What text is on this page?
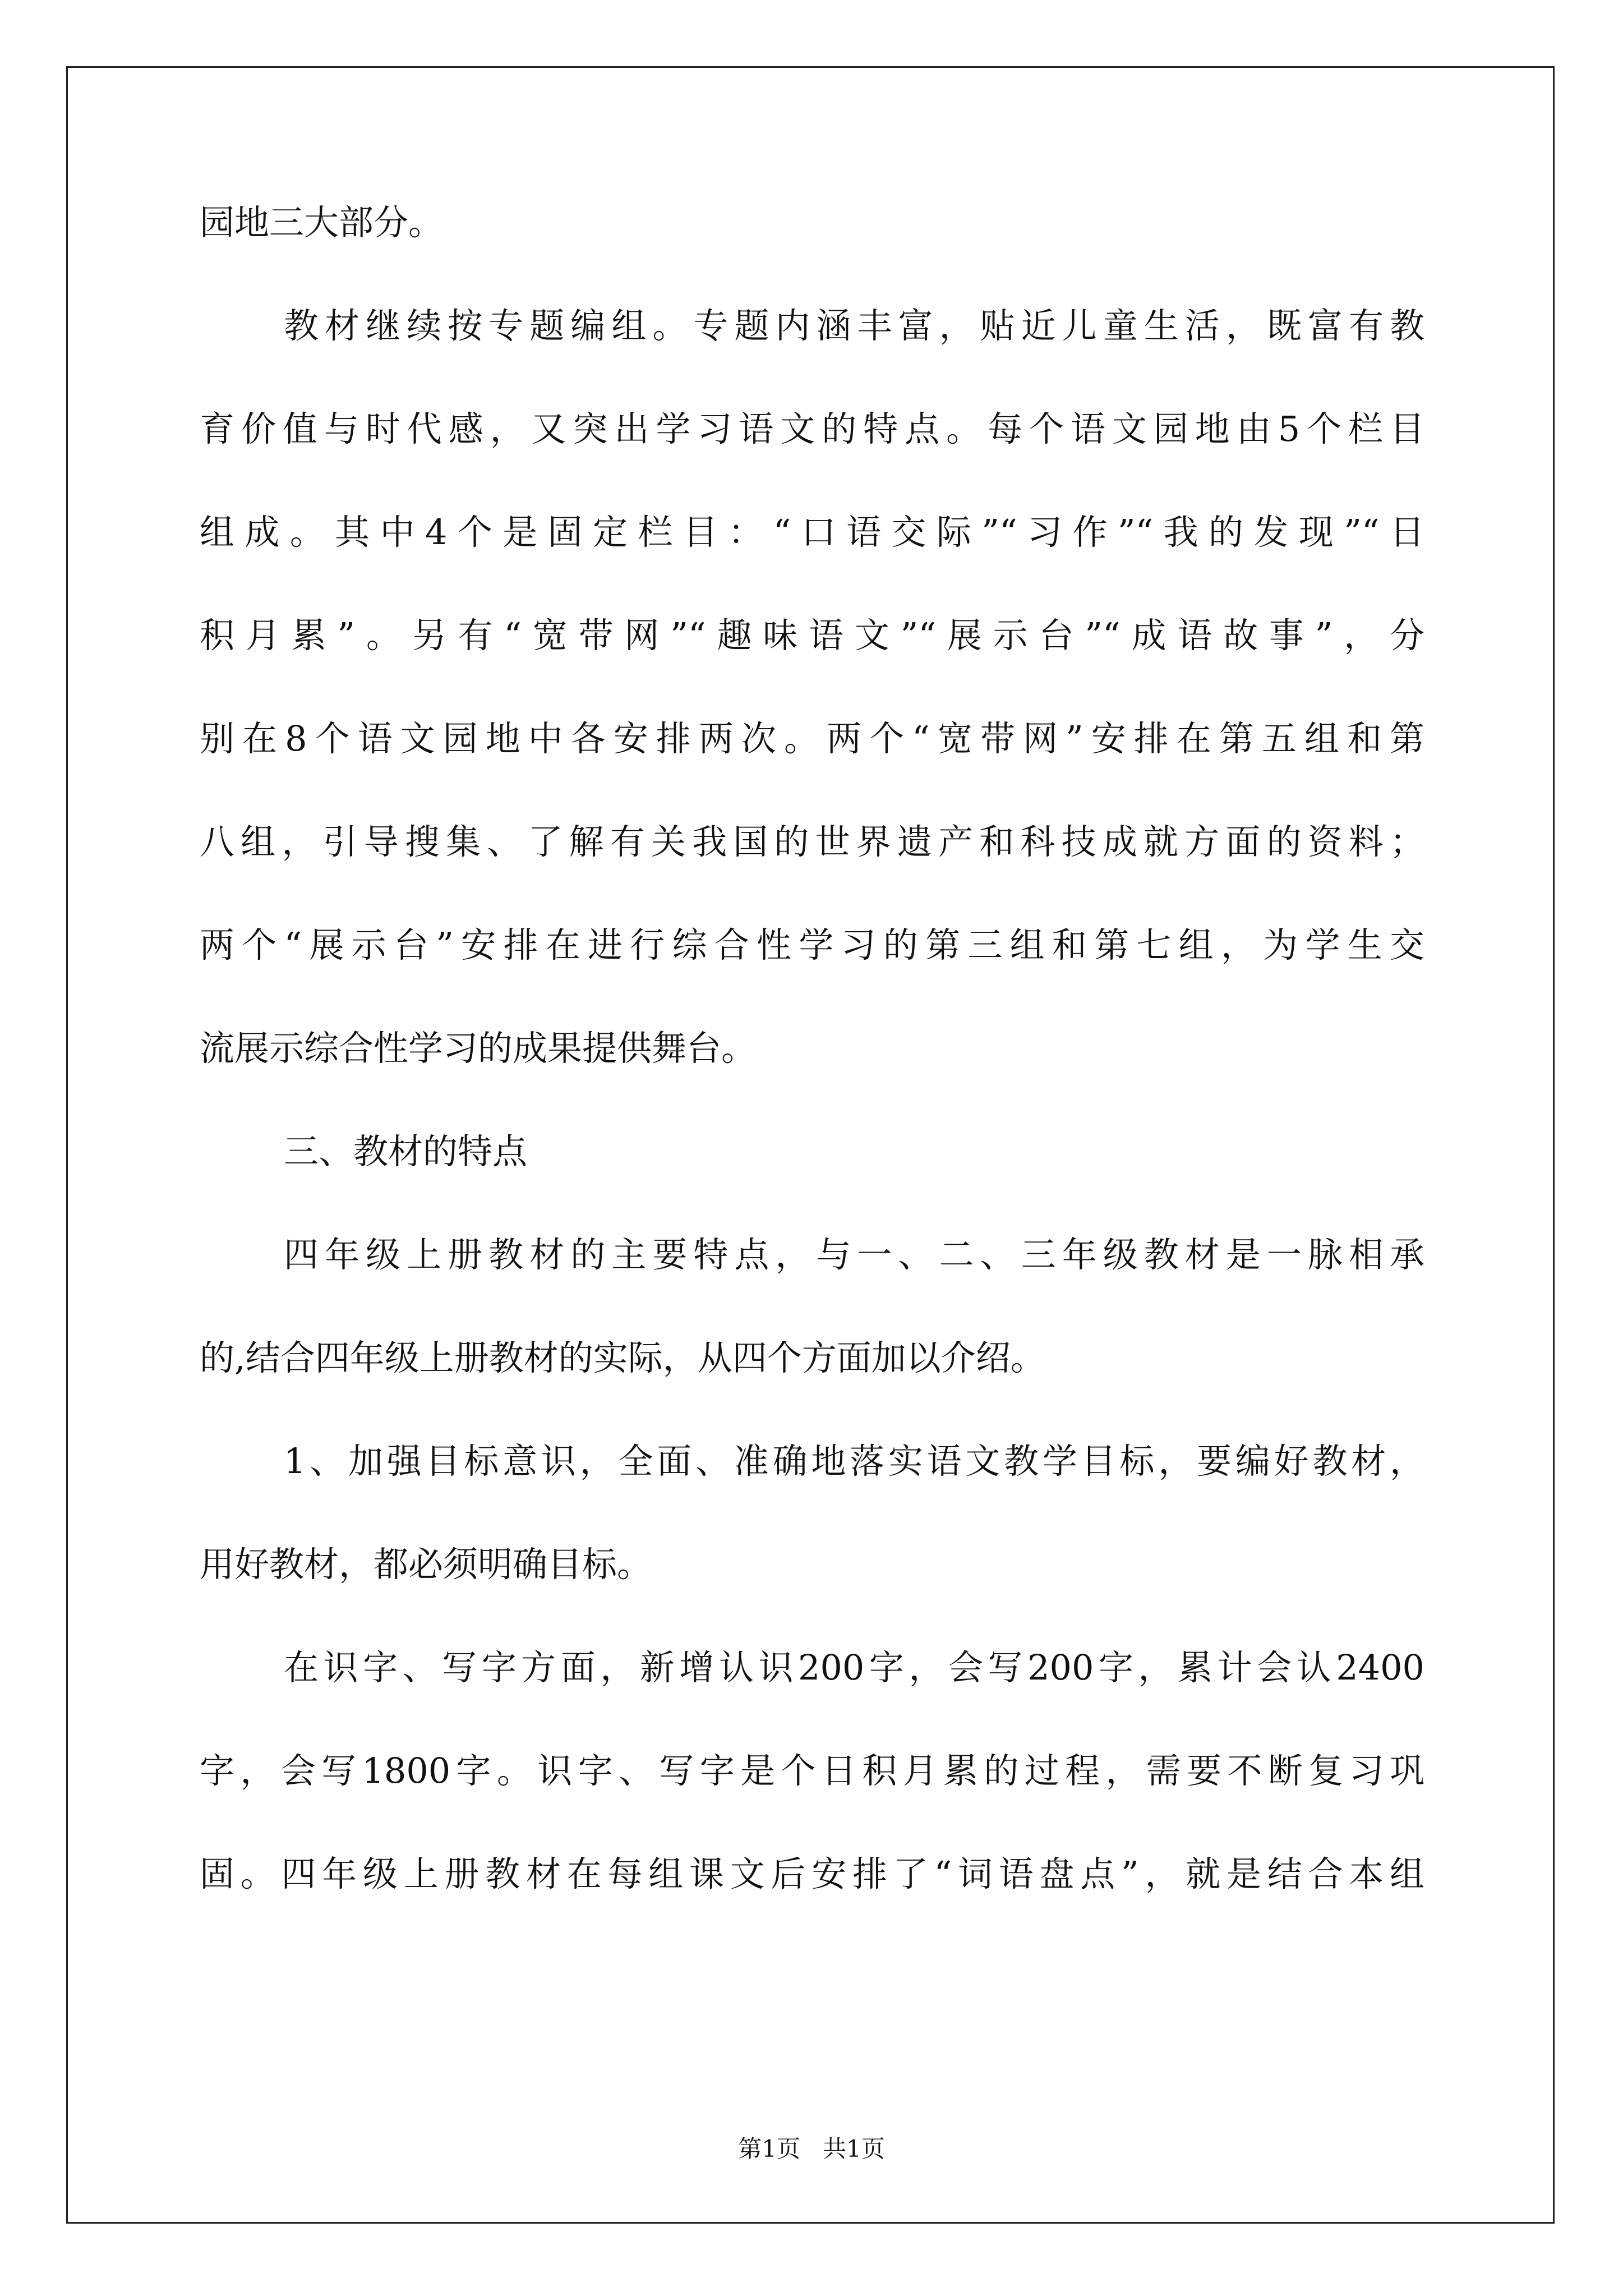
园地三大部分。
教材继续按专题编组。专题内涵丰富，贴近儿童生活，既富有教
育价值与时代感，又突出学习语文的特点。每个语文园地由5个栏目
组成。其中4个是固定栏目：“口语交际”“习作”“我的发现”“日
积月累”。另有“宽带网”“趣味语文”“展示台”“成语故事”，分
别在8个语文园地中各安排两次。两个“宽带网”安排在第五组和第
八组，引导搜集、了解有关我国的世界遗产和科技成就方面的资料；
两个“展示台”安排在进行综合性学习的第三组和第七组，为学生交
流展示综合性学习的成果提供舞台。
三、教材的特点
四年级上册教材的主要特点，与一、二、三年级教材是一脉相承
的,结合四年级上册教材的实际，从四个方面加以介绍。
1、加强目标意识，全面、准确地落实语文教学目标，要编好教材，
用好教材，都必须明确目标。
在识字、写字方面，新增认识200字，会写200字，累计会认2400
字，会写1800字。识字、写字是个日积月累的过程，需要不断复习巩
固。四年级上册教材在每组课文后安排了“词语盘点”，就是结合本组
第1页   共1页
